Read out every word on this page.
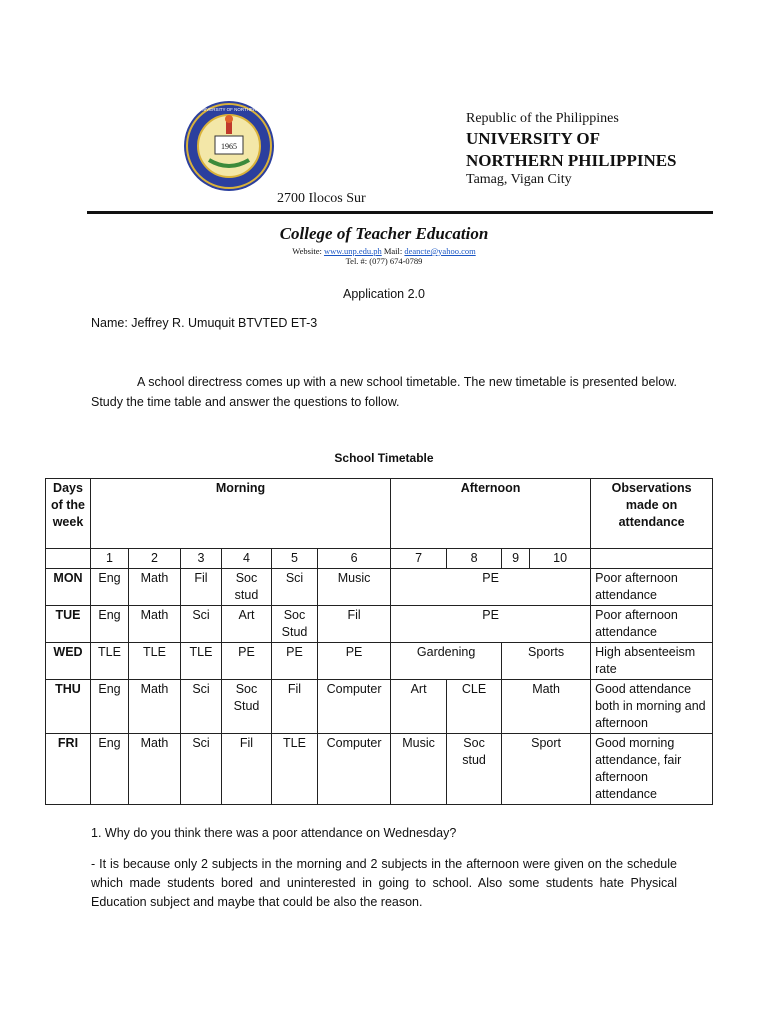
1965
UNIVERSITY OF NORTHERN
Republic of the Philippines
UNIVERSITY OF
NORTHERN PHILIPPINES
Tamag, Vigan City
2700 Ilocos Sur
College of Teacher Education
Website: www.unp.edu.ph Mail: deancte@yahoo.com
Tel. #: (077) 674-0789
Application 2.0
Name: Jeffrey R. Umuquit BTVTED ET-3
A school directress comes up with a new school timetable. The new timetable is presented below. Study the time table and answer the questions to follow.
School Timetable
Days of the week	Morning						Afternoon				Observations made on attendance
	1	2	3	4	5	6	7	8	9	10	
MON	Eng	Math	Fil	Soc stud	Sci	Music	PE				Poor afternoon attendance
TUE	Eng	Math	Sci	Art	Soc Stud	Fil	PE				Poor afternoon attendance
WED	TLE	TLE	TLE	PE	PE	PE	Gardening		Sports		High absenteeism rate
THU	Eng	Math	Sci	Soc Stud	Fil	Computer	Art	CLE	Math		Good attendance both in morning and afternoon
FRI	Eng	Math	Sci	Fil	TLE	Computer	Music	Soc stud	Sport		Good morning attendance, fair afternoon attendance
1. Why do you think there was a poor attendance on Wednesday?
- It is because only 2 subjects in the morning and 2 subjects in the afternoon were given on the schedule which made students bored and uninterested in going to school. Also some students hate Physical Education subject and maybe that could be also the reason.
